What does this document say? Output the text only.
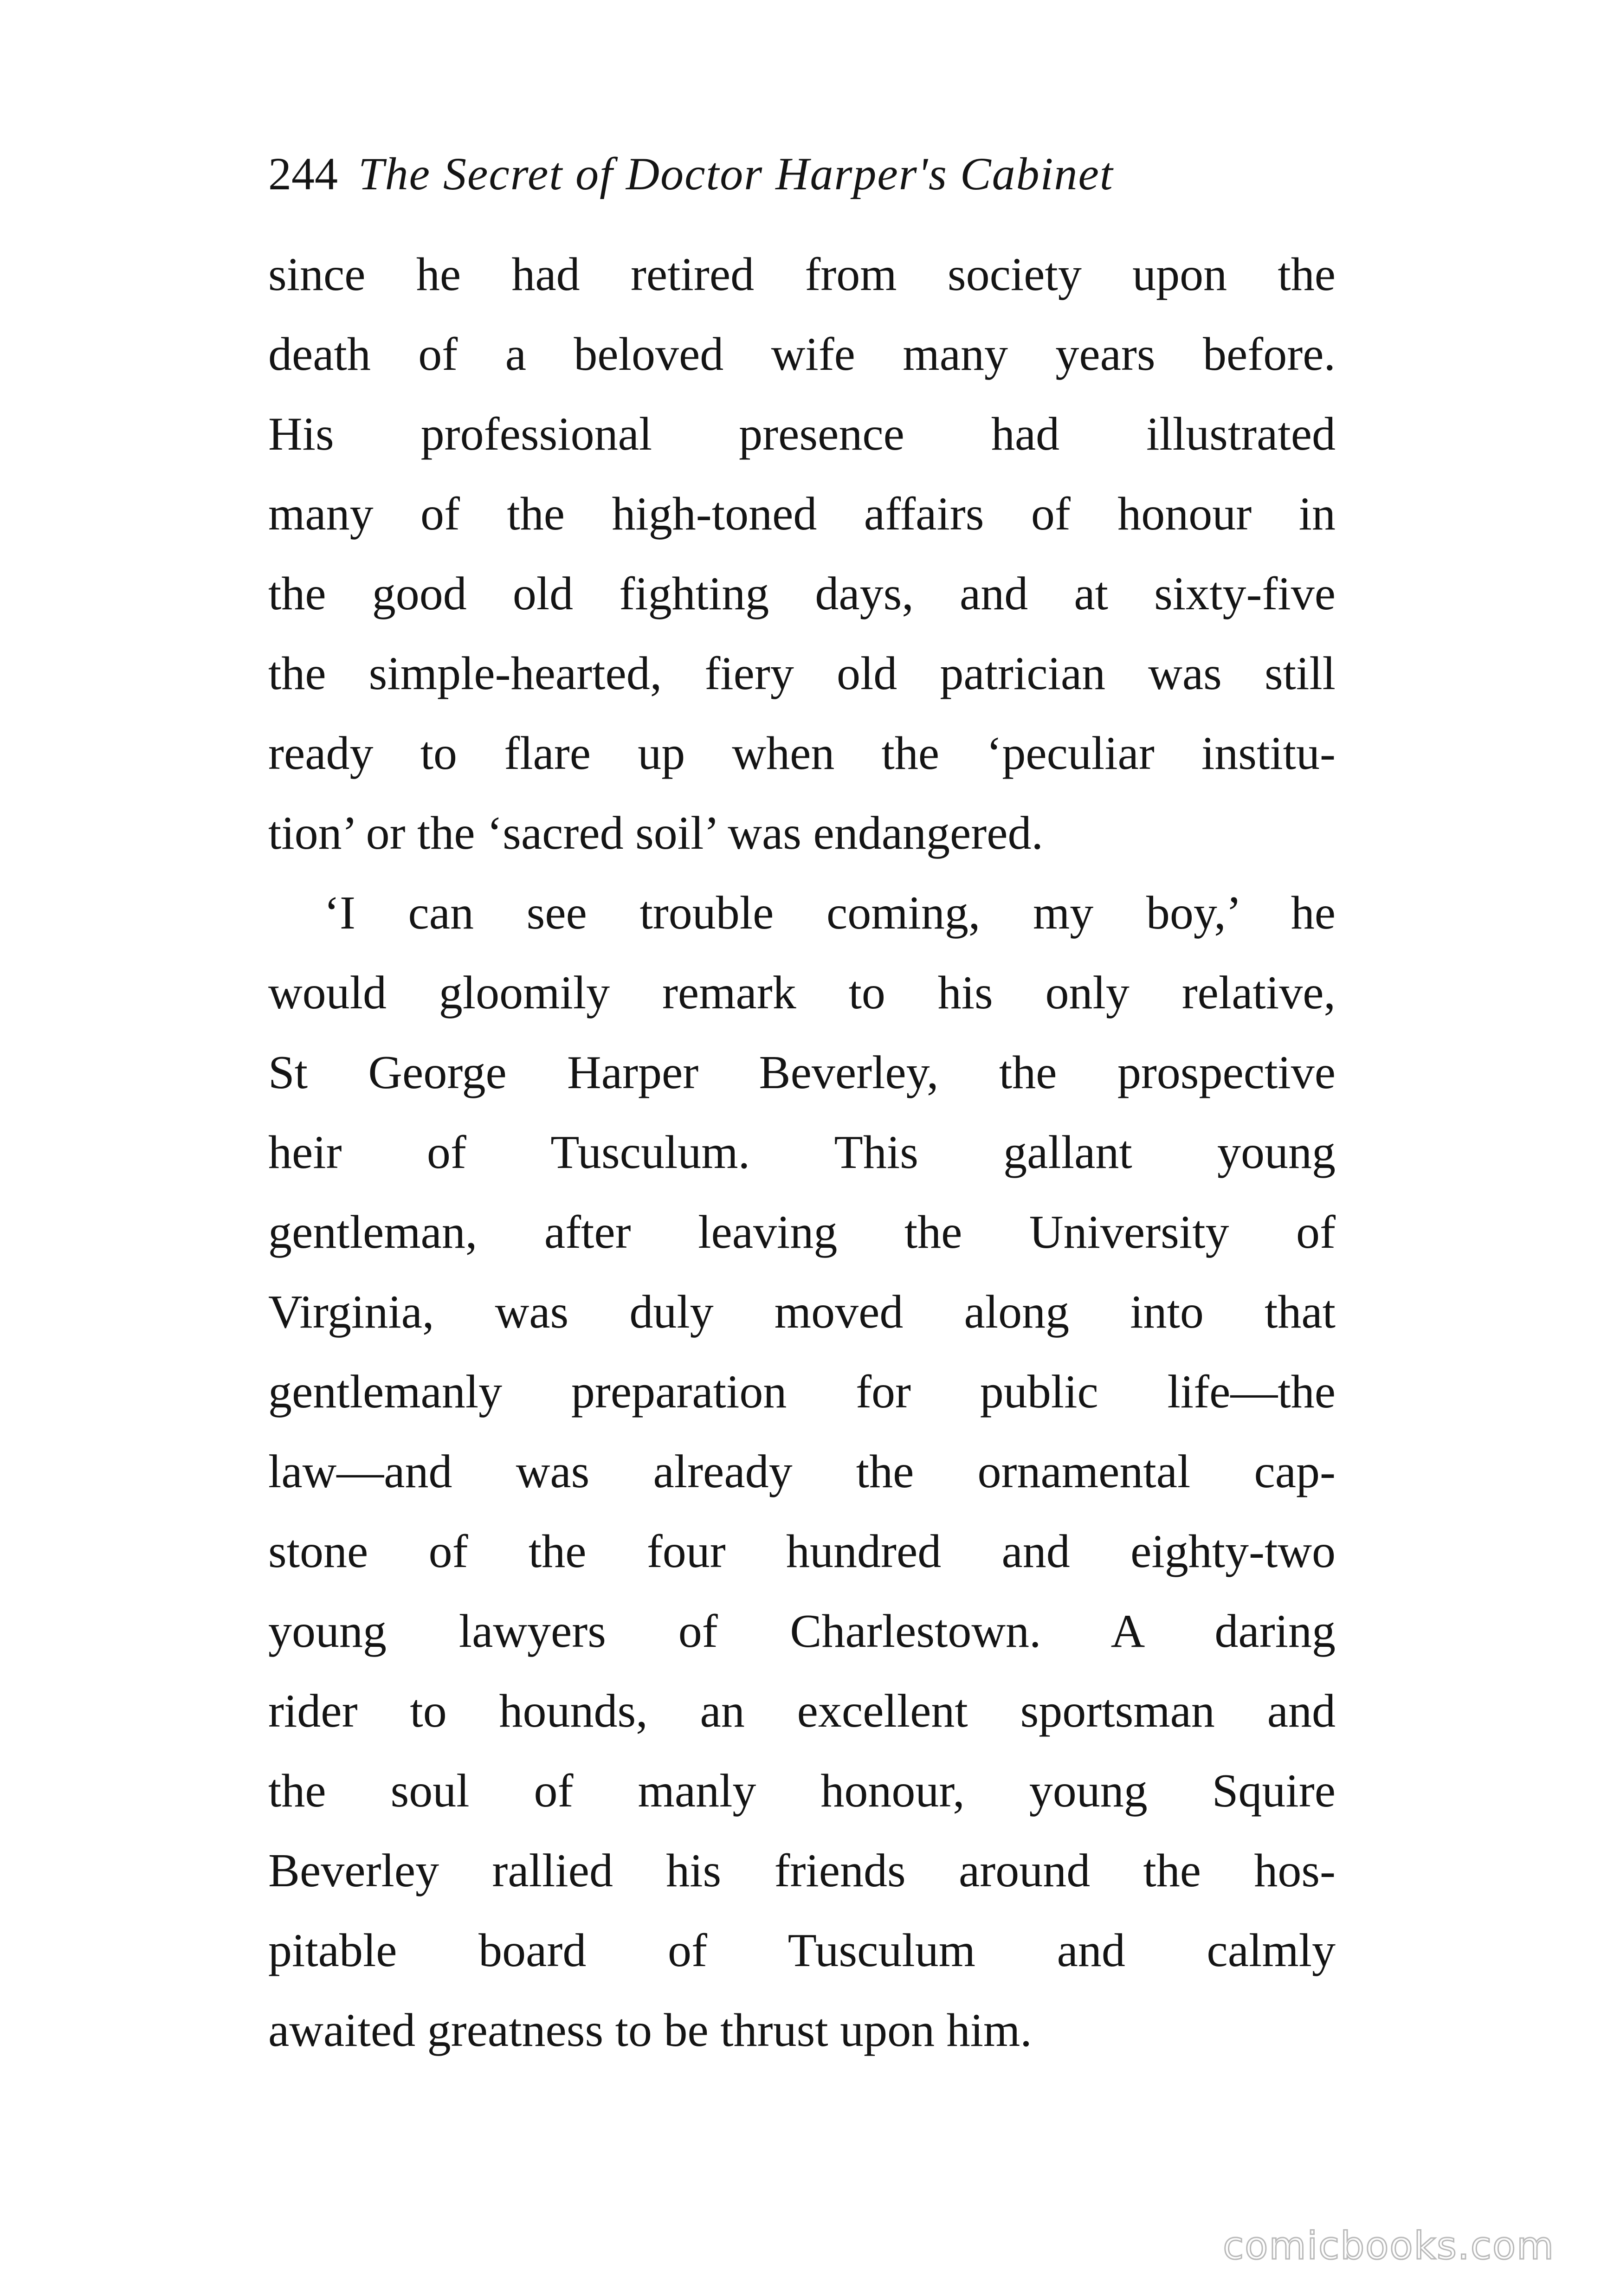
244 The Secret of Doctor Harper's Cabinet
since he had retired from society upon the
death of a beloved wife many years before.
His professional presence had illustrated
many of the high-toned affairs of honour in
the good old fighting days, and at sixty-five
the simple-hearted, fiery old patrician was still
ready to flare up when the ‘peculiar institu-
tion’ or the ‘sacred soil’ was endangered.
‘I can see trouble coming, my boy,’ he
would gloomily remark to his only relative,
St George Harper Beverley, the prospective
heir of Tusculum. This gallant young
gentleman, after leaving the University of
Virginia, was duly moved along into that
gentlemanly preparation for public life—the
law—and was already the ornamental cap-
stone of the four hundred and eighty-two
young lawyers of Charlestown. A daring
rider to hounds, an excellent sportsman and
the soul of manly honour, young Squire
Beverley rallied his friends around the hos-
pitable board of Tusculum and calmly
awaited greatness to be thrust upon him.
comicbooks.com
